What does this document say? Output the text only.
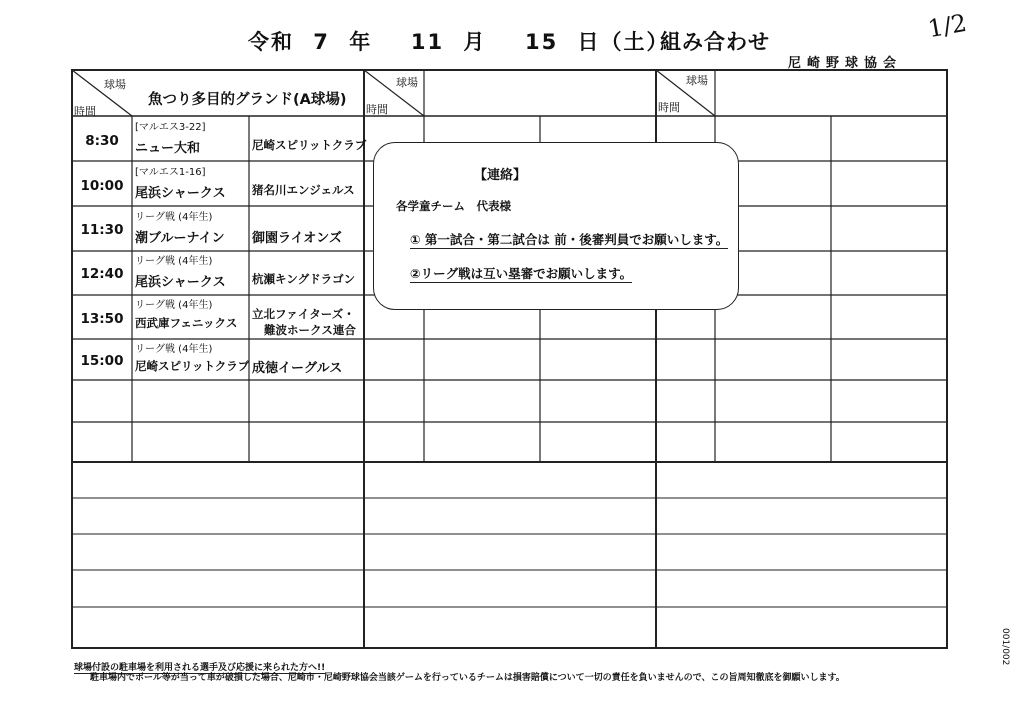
令和 7 年  11 月  15 日（土）
組み合わせ
尼崎野球協会
1/2
球場
時間
球場
時間
球場
時間
魚つり多目的グランド(A球場)
8:30
[マルエス3-22]
ニュー大和	尼崎スピリットクラブ
10:00
[マルエス1-16]
尾浜シャークス 猪名川エンジェルス
11:30
リーグ戦 (4年生)
潮ブルーナイン 御園ライオンズ
12:40
リーグ戦 (4年生)
尾浜シャークス 杭瀬キングドラゴン
13:50
リーグ戦 (4年生)
西武庫フェニックス
立北ファイターズ・
難波ホークス連合
15:00
リーグ戦 (4年生)
尼崎スピリットクラブ 成徳イーグルス
【連絡】
各学童チーム　代表様
① 第一試合・第二試合は 前・後審判員でお願いします。
②リーグ戦は互い塁審でお願いします。
球場付設の駐車場を利用される選手及び応援に来られた方へ!!
駐車場内でボール等が当って車が破損した場合、尼崎市・尼崎野球協会当該ゲームを行っているチームは損害賠償について一切の責任を負いませんので、この旨周知徹底を御願いします。
001/002
